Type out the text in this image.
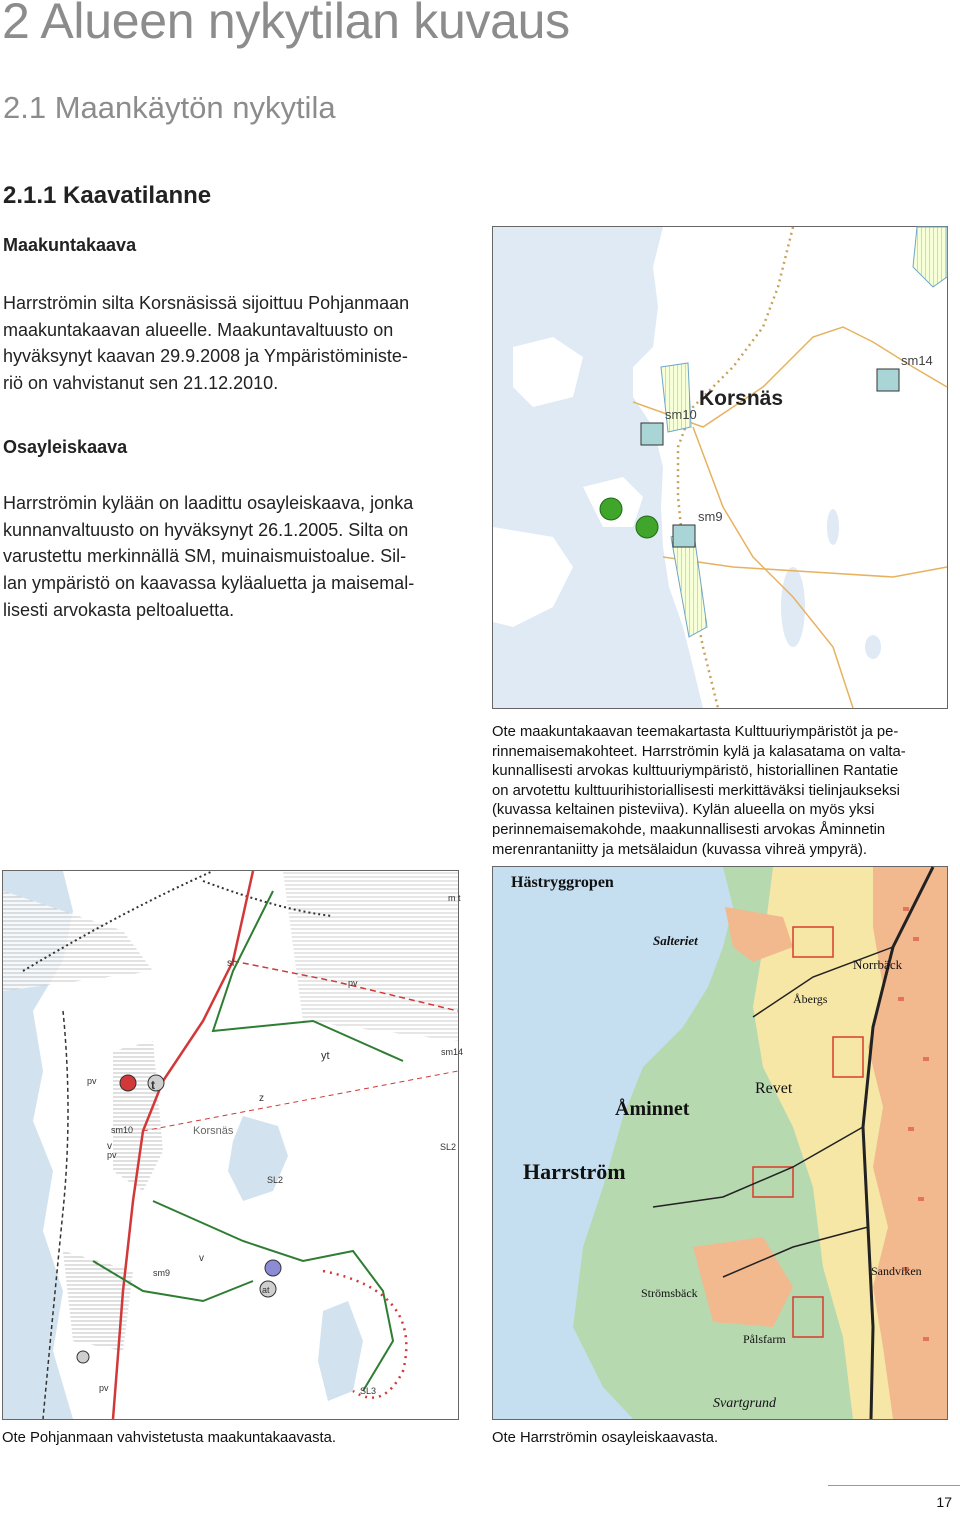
2 Alueen nykytilan kuvaus
2.1 Maankäytön nykytila
2.1.1 Kaavatilanne
Maakuntakaava
Harrströmin silta Korsnäsissä sijoittuu Pohjanmaan
maakuntakaavan alueelle. Maakuntavaltuusto on
hyväksynyt kaavan 29.9.2008 ja Ympäristöministe-
riö on vahvistanut sen 21.12.2010.
Osayleiskaava
Harrströmin kylään on laadittu osayleiskaava, jonka
kunnanvaltuusto on hyväksynyt 26.1.2005. Silta on
varustettu merkinnällä SM, muinaismuistoalue. Sil-
lan ympäristö on kaavassa kyläaluetta ja maisemal-
lisesti arvokasta peltoaluetta.
Korsnäs
sm14
sm10
sm9
Ote maakuntakaavan teemakartasta Kulttuuriympäristöt ja pe-
rinnemaisemakohteet. Harrströmin kylä ja kalasatama on valta-
kunnallisesti arvokas kulttuuriympäristö, historiallinen Rantatie
on arvotettu kulttuurihistoriallisesti merkittäväksi tielinjaukseksi
(kuvassa keltainen pisteviiva). Kylän alueella on myös yksi
perinnemaisemakohde, maakunnallisesti arvokas Åminnetin
merenrantaniitty ja metsälaidun (kuvassa vihreä ympyrä).
pv
pv
pv
pv
yt	sm14
sm10
sm9
Korsnäs
SL2
SL2
SL3
sl
t
z
v
v
at
m t
Hästryggropen
Salteriet
Norrbäck
Åbergs
Revet
Åminnet
Harrström
Sandviken
Pålsfarm
Svartgrund
Strömsbäck
Ote Pohjanmaan vahvistetusta maakuntakaavasta.	Ote Harrströmin osayleiskaavasta.
17
